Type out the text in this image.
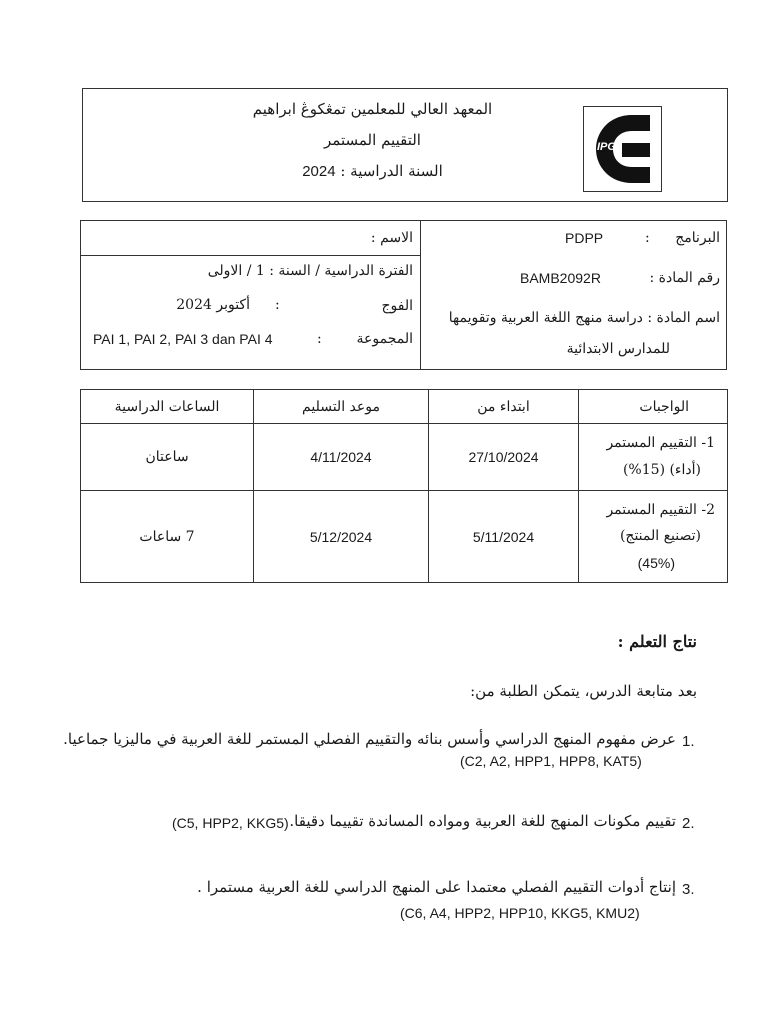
المعهد العالي للمعلمين تمڠکوڠ ابراهيم
التقييم المستمر
السنة الدراسية : 2024
IPG
البرنامج
:
PDPP
رقم المادة :
BAMB2092R
اسم المادة : دراسة منهج اللغة العربية وتقويمها
للمدارس الابتدائية
الاسم :
الفترة الدراسية / السنة : 1 / الاولى
الفوج
:
أكتوبر 2024
المجموعة
:
PAI 1, PAI 2, PAI 3 dan PAI 4
الساعات الدراسية	موعد التسليم	ابتداء من	الواجبات
ساعتان	4/11/2024	27/10/2024	1- التقييم المستمر
(أداء) (15%)

7 ساعات	5/12/2024	5/11/2024	2- التقييم المستمر
(تصنيع المنتج)
(45%)
نتاج التعلم :
بعد متابعة الدرس، يتمكن الطلبة من:
1.
عرض مفهوم المنهج الدراسي وأسس بنائه والتقييم الفصلي المستمر للغة العربية في ماليزيا جماعيا.
(C2, A2, HPP1, HPP8, KAT5)
2.
تقييم مكونات المنهج للغة العربية ومواده المساندة تقييما دقيقا.
(C5, HPP2, KKG5)
3.
إنتاج أدوات التقييم الفصلي معتمدا على المنهج الدراسي للغة العربية مستمرا .
(C6, A4, HPP2, HPP10, KKG5, KMU2)
